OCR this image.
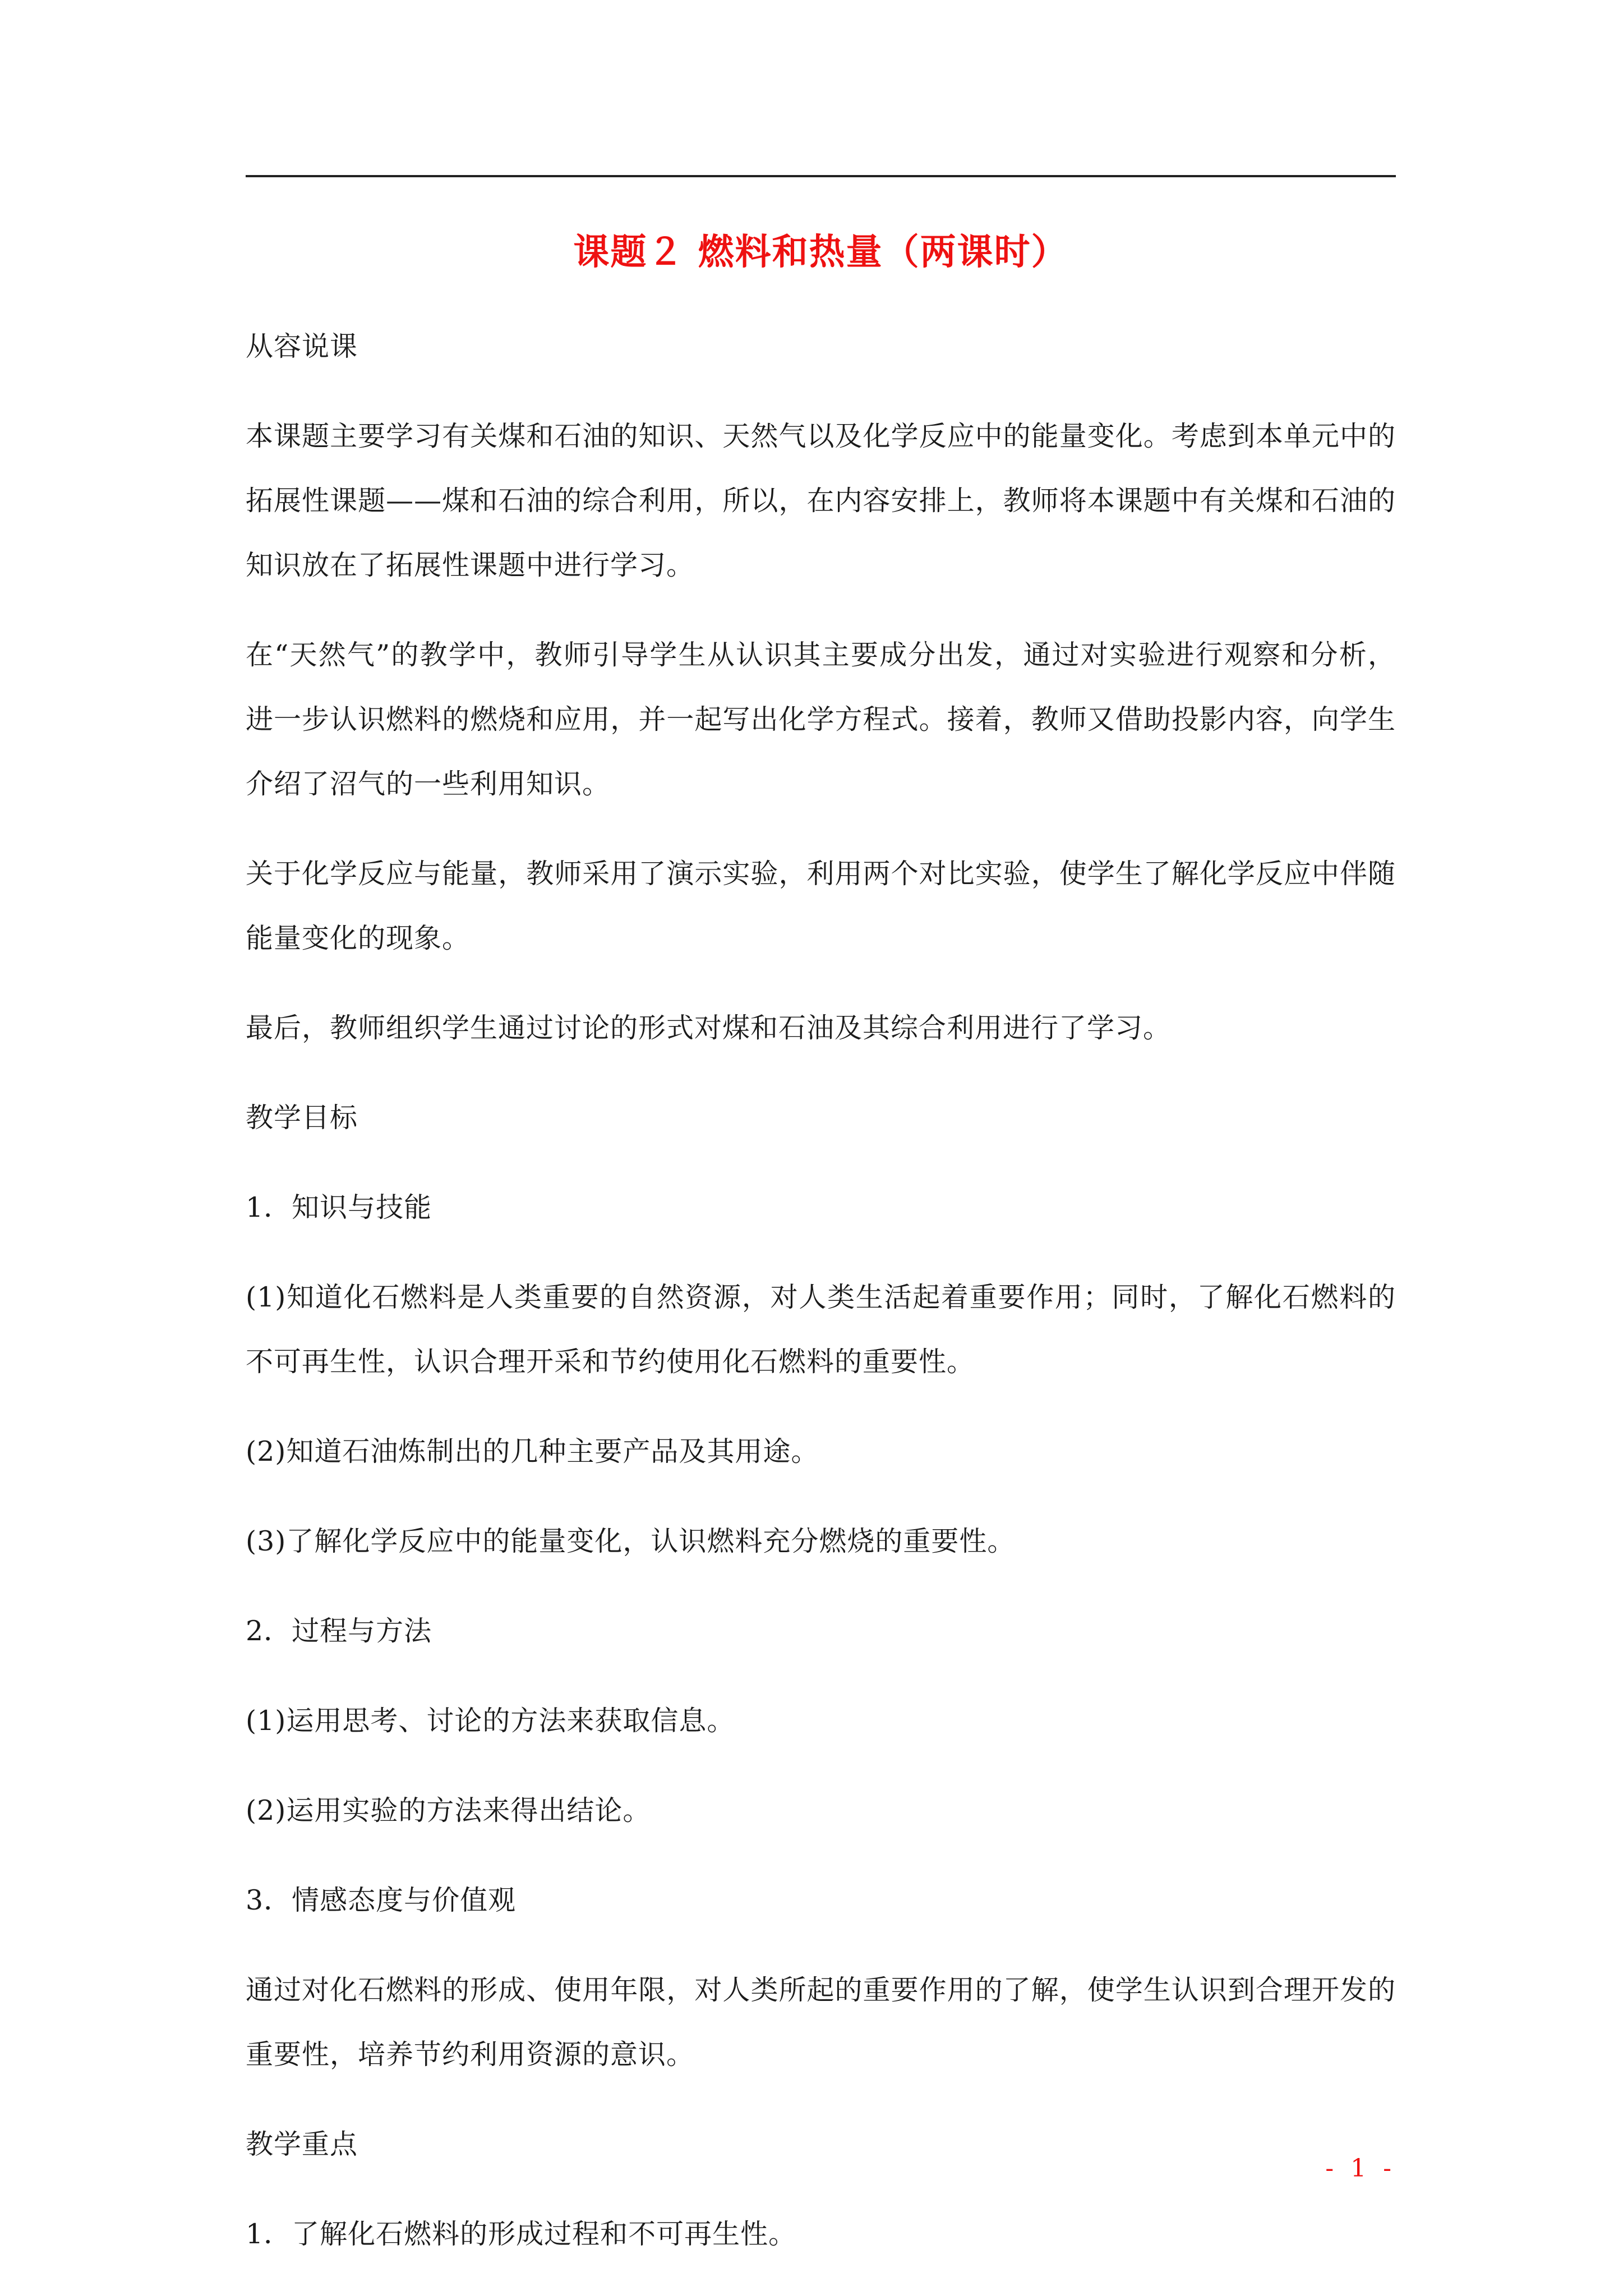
课题２ 燃料和热量（两课时）

从容说课

本课题主要学习有关煤和石油的知识、天然气以及化学反应中的能量变化。考虑到本单元中的拓展性课题——煤和石油的综合利用，所以，在内容安排上，教师将本课题中有关煤和石油的知识放在了拓展性课题中进行学习。

在“天然气”的教学中，教师引导学生从认识其主要成分出发，通过对实验进行观察和分析，进一步认识燃料的燃烧和应用，并一起写出化学方程式。接着，教师又借助投影内容，向学生介绍了沼气的一些利用知识。

关于化学反应与能量，教师采用了演示实验，利用两个对比实验，使学生了解化学反应中伴随能量变化的现象。

最后，教师组织学生通过讨论的形式对煤和石油及其综合利用进行了学习。

教学目标

1．知识与技能

(1)知道化石燃料是人类重要的自然资源，对人类生活起着重要作用；同时，了解化石燃料的不可再生性，认识合理开采和节约使用化石燃料的重要性。

(2)知道石油炼制出的几种主要产品及其用途。

(3)了解化学反应中的能量变化，认识燃料充分燃烧的重要性。

2．过程与方法

(1)运用思考、讨论的方法来获取信息。

(2)运用实验的方法来得出结论。

3．情感态度与价值观

通过对化石燃料的形成、使用年限，对人类所起的重要作用的了解，使学生认识到合理开发的重要性，培养节约利用资源的意识。

教学重点

1．了解化石燃料的形成过程和不可再生性。

- 1 -
